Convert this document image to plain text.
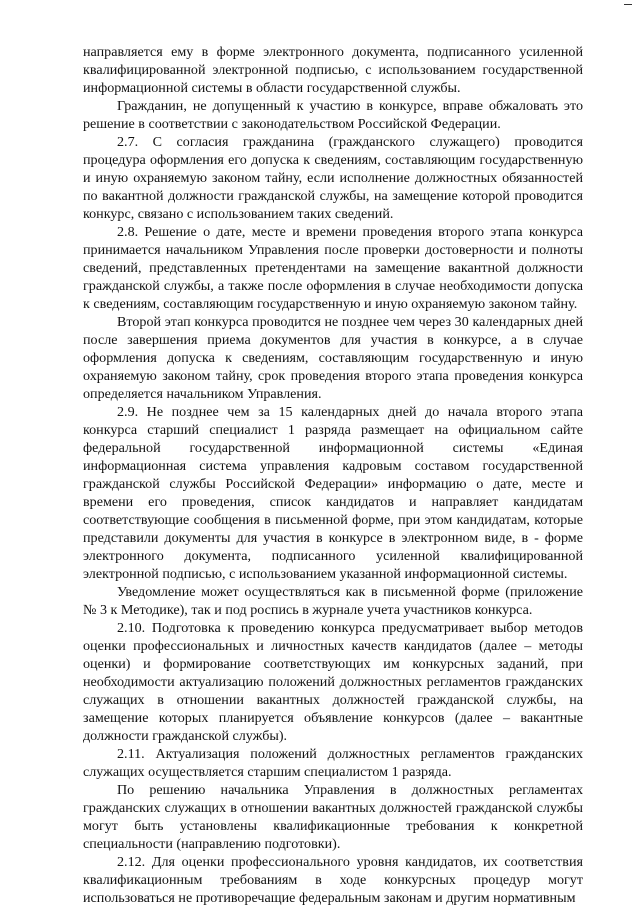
направляется ему в форме электронного документа, подписанного усиленной квалифицированной электронной подписью, с использованием государственной информационной системы в области государственной службы.

Гражданин, не допущенный к участию в конкурсе, вправе обжаловать это решение в соответствии с законодательством Российской Федерации.

2.7. С согласия гражданина (гражданского служащего) проводится процедура оформления его допуска к сведениям, составляющим государственную и иную охраняемую законом тайну, если исполнение должностных обязанностей по вакантной должности гражданской службы, на замещение которой проводится конкурс, связано с использованием таких сведений.

2.8. Решение о дате, месте и времени проведения второго этапа конкурса принимается начальником Управления после проверки достоверности и полноты сведений, представленных претендентами на замещение вакантной должности гражданской службы, а также после оформления в случае необходимости допуска к сведениям, составляющим государственную и иную охраняемую законом тайну.

Второй этап конкурса проводится не позднее чем через 30 календарных дней после завершения приема документов для участия в конкурсе, а в случае оформления допуска к сведениям, составляющим государственную и иную охраняемую законом тайну, срок проведения второго этапа проведения конкурса определяется начальником Управления.

2.9. Не позднее чем за 15 календарных дней до начала второго этапа конкурса старший специалист 1 разряда размещает на официальном сайте федеральной государственной информационной системы «Единая информационная система управления кадровым составом государственной гражданской службы Российской Федерации» информацию о дате, месте и времени его проведения, список кандидатов и направляет кандидатам соответствующие сообщения в письменной форме, при этом кандидатам, которые представили документы для участия в конкурсе в электронном виде, в - форме электронного документа, подписанного усиленной квалифицированной электронной подписью, с использованием указанной информационной системы.

Уведомление может осуществляться как в письменной форме (приложение № 3 к Методике), так и под роспись в журнале учета участников конкурса.

2.10. Подготовка к проведению конкурса предусматривает выбор методов оценки профессиональных и личностных качеств кандидатов (далее – методы оценки) и формирование соответствующих им конкурсных заданий, при необходимости актуализацию положений должностных регламентов гражданских служащих в отношении вакантных должностей гражданской службы, на замещение которых планируется объявление конкурсов (далее – вакантные должности гражданской службы).

2.11. Актуализация положений должностных регламентов гражданских служащих осуществляется старшим специалистом 1 разряда.

По решению начальника Управления в должностных регламентах гражданских служащих в отношении вакантных должностей гражданской службы могут быть установлены квалификационные требования к конкретной специальности (направлению подготовки).

2.12. Для оценки профессионального уровня кандидатов, их соответствия квалификационным требованиям в ходе конкурсных процедур могут использоваться не противоречащие федеральным законам и другим нормативным
